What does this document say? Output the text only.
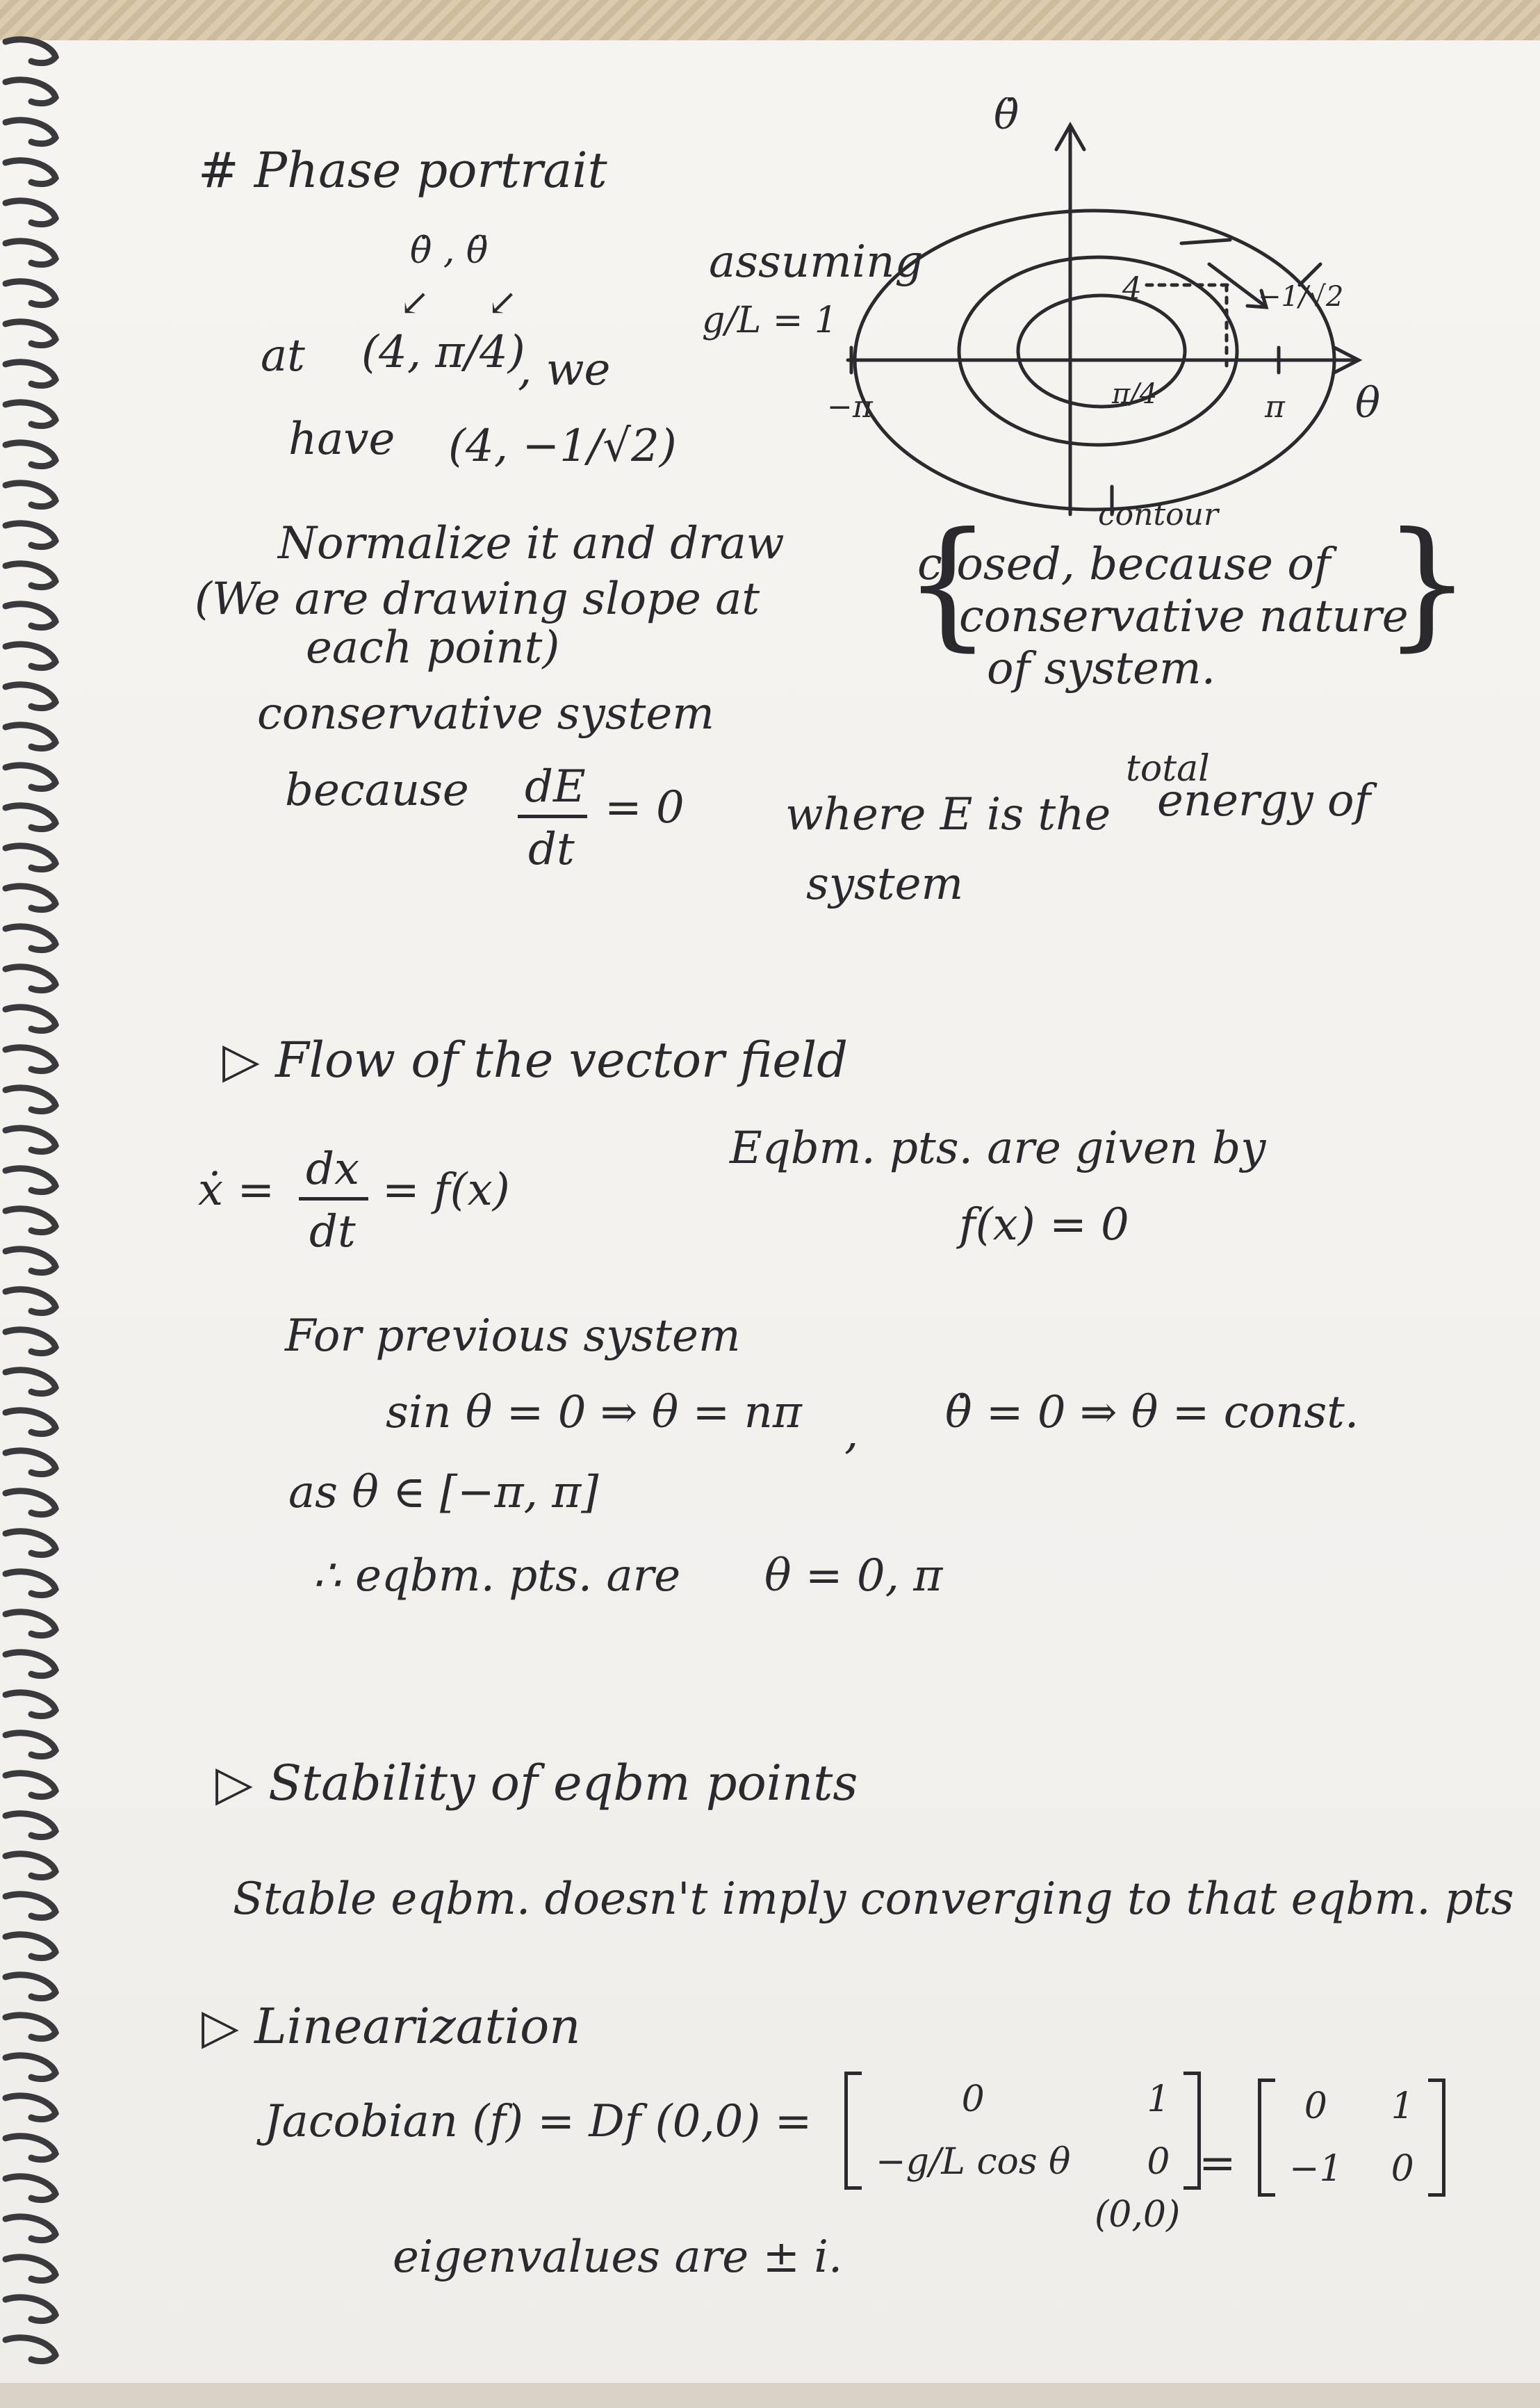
# Phase portrait
θ̇ , θ̈
↙     ↙
at (4, π/4)
, we
have (4, −1/√2)
assuming
g/L = 1
Normalize it and draw
(We are drawing slope at
each point)
conservative system
because dE
dt
= 0 where E is the
total
energy of
system
θ̇
θ
−π	π
4
π/4
−1/√2
contour
closed, because of
conservative nature
of system.
{	}
▷ Flow of the vector field
ẋ = dx
dt
= f(x)
Eqbm. pts. are given by
f(x) = 0
For previous system
sin θ = 0 ⇒ θ = nπ , θ̇ = 0 ⇒ θ = const.
as θ ∈ [−π, π]
∴ eqbm. pts. are θ = 0, π
▷ Stability of eqbm points
Stable eqbm. doesn't imply converging to that eqbm. pts
▷ Linearization
Jacobian (f) = Df (0,0) =	0	1
−g/L cos θ 0
(0,0)
=
0	1
−1 0
eigenvalues are ± i.
